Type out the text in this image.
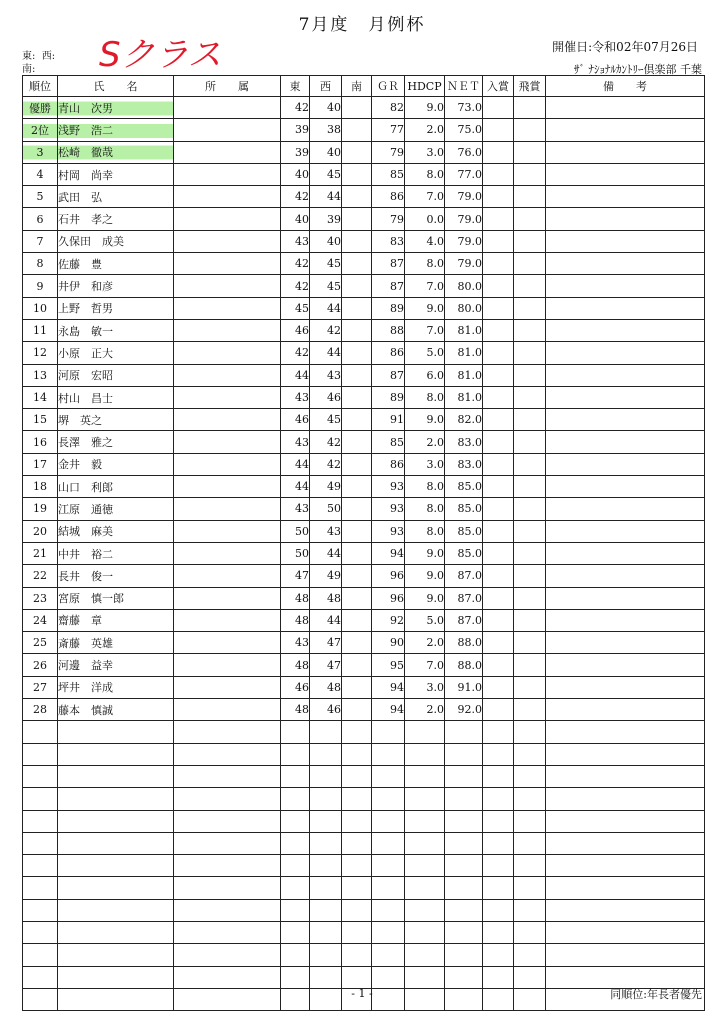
7月度　月例杯
開催日:令和02年07月26日
ｻﾞ ﾅｼｮﾅﾙｶﾝﾄﾘｰ倶楽部 千葉
東: 西:
南:	Sクラス
順位	氏　　名	所　　属	東	西	南	ＧＲ	HDCP	ＮＥＴ	入賞	飛賞	備　　考
優勝	青山　次男		42	40		82	9.0	73.0			
2位	浅野　浩二		39	38		77	2.0	75.0			
3	松崎　徹哉		39	40		79	3.0	76.0			
4	村岡　尚幸		40	45		85	8.0	77.0			
5	武田　弘		42	44		86	7.0	79.0			
6	石井　孝之		40	39		79	0.0	79.0			
7	久保田　成美		43	40		83	4.0	79.0			
8	佐藤　豊		42	45		87	8.0	79.0			
9	井伊　和彦		42	45		87	7.0	80.0			
10	上野　哲男		45	44		89	9.0	80.0			
11	永島　敏一		46	42		88	7.0	81.0			
12	小原　正大		42	44		86	5.0	81.0			
13	河原　宏昭		44	43		87	6.0	81.0			
14	村山　昌士		43	46		89	8.0	81.0			
15	堺　英之		46	45		91	9.0	82.0			
16	長澤　雅之		43	42		85	2.0	83.0			
17	金井　毅		44	42		86	3.0	83.0			
18	山口　利郎		44	49		93	8.0	85.0			
19	江原　通徳		43	50		93	8.0	85.0			
20	結城　麻美		50	43		93	8.0	85.0			
21	中井　裕二		50	44		94	9.0	85.0			
22	長井　俊一		47	49		96	9.0	87.0			
23	宮原　慎一郎		48	48		96	9.0	87.0			
24	齋藤　章		48	44		92	5.0	87.0			
25	斎藤　英雄		43	47		90	2.0	88.0			
26	河邊　益幸		48	47		95	7.0	88.0			
27	坪井　洋成		46	48		94	3.0	91.0			
28	藤本　慎誠		48	46		94	2.0	92.0			

- 1 -	同順位:年長者優先
